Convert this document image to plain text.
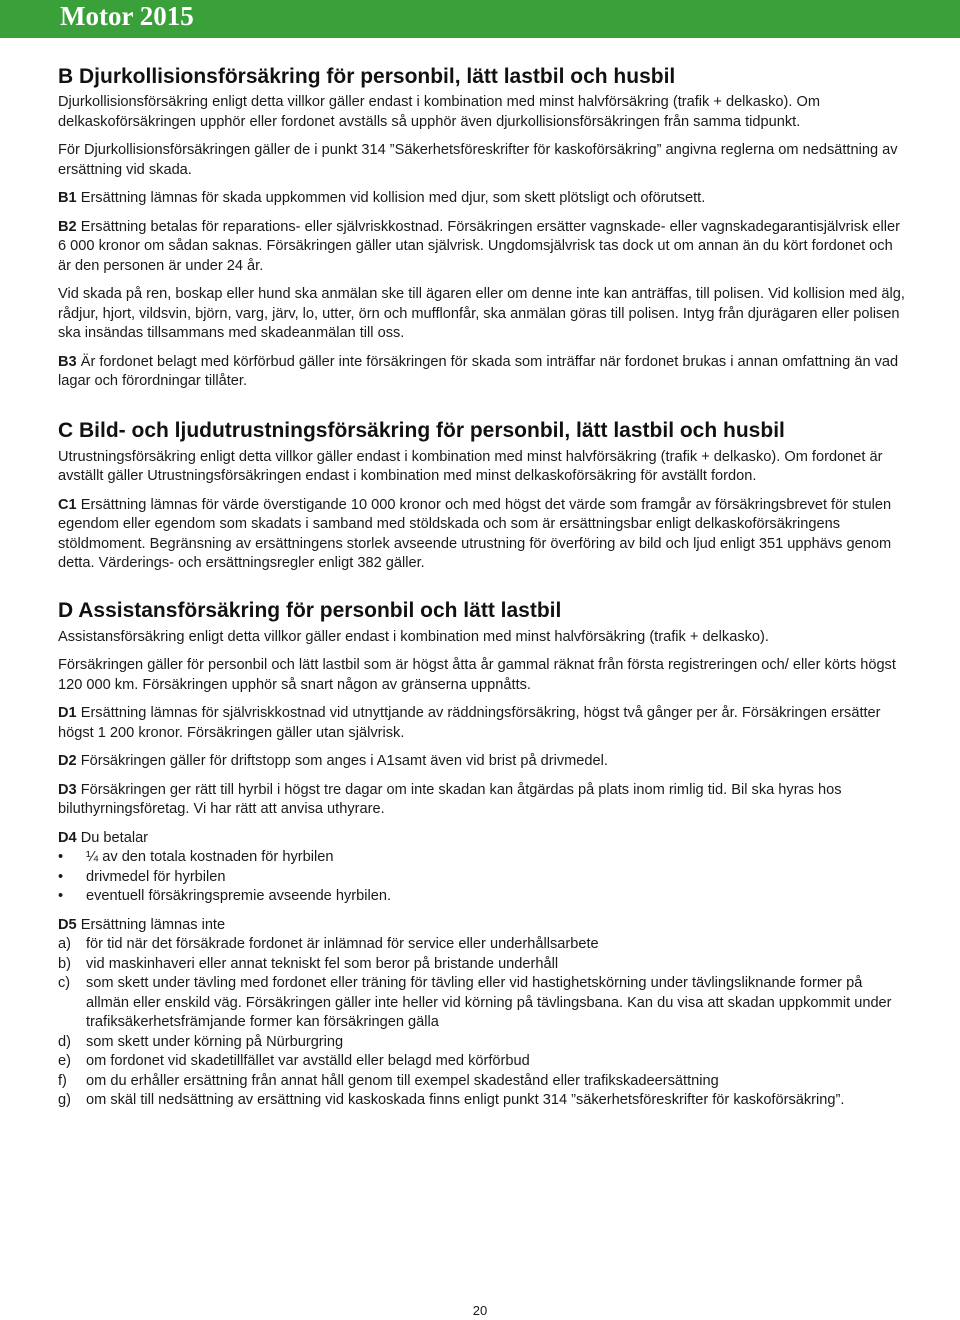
Motor 2015
B Djurkollisionsförsäkring för personbil, lätt lastbil och husbil

Djurkollisionsförsäkring enligt detta villkor gäller endast i kombination med minst halvförsäkring (trafik + delkasko). Om delkaskoförsäkringen upphör eller fordonet avställs så upphör även djurkollisionsförsäkringen från samma tidpunkt.

För Djurkollisionsförsäkringen gäller de i punkt 314 ”Säkerhetsföreskrifter för kaskoförsäkring” angivna reglerna om nedsättning av ersättning vid skada.

B1 Ersättning lämnas för skada uppkommen vid kollision med djur, som skett plötsligt och oförutsett.

B2 Ersättning betalas för reparations- eller självriskkostnad. Försäkringen ersätter vagnskade- eller vagnskadegarantisjälvrisk eller 6 000 kronor om sådan saknas. Försäkringen gäller utan självrisk. Ungdomsjälvrisk tas dock ut om annan än du kört fordonet och är den personen är under 24 år.

Vid skada på ren, boskap eller hund ska anmälan ske till ägaren eller om denne inte kan anträffas, till polisen. Vid kollision med älg, rådjur, hjort, vildsvin, björn, varg, järv, lo, utter, örn och mufflonfår, ska anmälan göras till polisen. Intyg från djurägaren eller polisen ska insändas tillsammans med skadeanmälan till oss.

B3 Är fordonet belagt med körförbud gäller inte försäkringen för skada som inträffar när fordonet brukas i annan omfattning än vad lagar och förordningar tillåter.

C Bild- och ljudutrustningsförsäkring för personbil, lätt lastbil och husbil

Utrustningsförsäkring enligt detta villkor gäller endast i kombination med minst halvförsäkring (trafik + delkasko). Om fordonet är avställt gäller Utrustningsförsäkringen endast i kombination med minst delkaskoförsäkring för avställt fordon.

C1 Ersättning lämnas för värde överstigande 10 000 kronor och med högst det värde som framgår av försäkringsbrevet för stulen egendom eller egendom som skadats i samband med stöldskada och som är ersättningsbar enligt delkaskoförsäkringens stöldmoment. Begränsning av ersättningens storlek avseende utrustning för överföring av bild och ljud enligt 351 upphävs genom detta. Värderings- och ersättningsregler enligt 382 gäller.

D Assistansförsäkring för personbil och lätt lastbil

Assistansförsäkring enligt detta villkor gäller endast i kombination med minst halvförsäkring (trafik + delkasko).

Försäkringen gäller för personbil och lätt lastbil som är högst åtta år gammal räknat från första registreringen och/ eller körts högst 120 000 km. Försäkringen upphör så snart någon av gränserna uppnåtts.

D1 Ersättning lämnas för självriskkostnad vid utnyttjande av räddningsförsäkring, högst två gånger per år. Försäkringen ersätter högst 1 200 kronor. Försäkringen gäller utan självrisk.

D2 Försäkringen gäller för driftstopp som anges i A1samt även vid brist på drivmedel.

D3 Försäkringen ger rätt till hyrbil i högst tre dagar om inte skadan kan åtgärdas på plats inom rimlig tid. Bil ska hyras hos biluthyrningsföretag. Vi har rätt att anvisa uthyrare.

D4 Du betalar

• ¼ av den totala kostnaden för hyrbilen
• drivmedel för hyrbilen
• eventuell försäkringspremie avseende hyrbilen.

D5 Ersättning lämnas inte

a) för tid när det försäkrade fordonet är inlämnad för service eller underhållsarbete
b) vid maskinhaveri eller annat tekniskt fel som beror på bristande underhåll
c) som skett under tävling med fordonet eller träning för tävling eller vid hastighetskörning under tävlingsliknande former på allmän eller enskild väg. Försäkringen gäller inte heller vid körning på tävlingsbana. Kan du visa att skadan uppkommit under trafiksäkerhetsfrämjande former kan försäkringen gälla
d) som skett under körning på Nürburgring
e) om fordonet vid skadetillfället var avställd eller belagd med körförbud
f) om du erhåller ersättning från annat håll genom till exempel skadestånd eller trafikskadeersättning
g) om skäl till nedsättning av ersättning vid kaskoskada finns enligt punkt 314 ”säkerhetsföreskrifter för kaskoförsäkring”.
20
